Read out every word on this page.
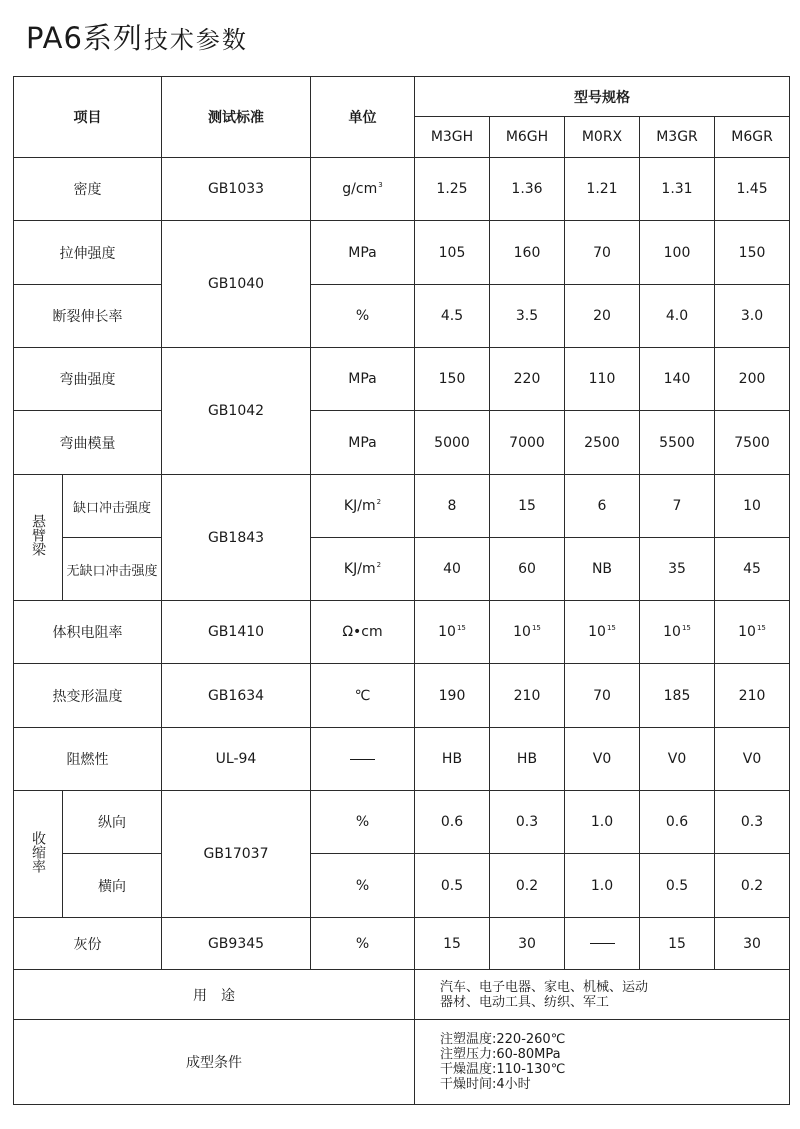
PA6系列 技术参数
项目		测试标准	单位	型号规格				
				M3GH	M6GH	M0RX	M3GR	M6GR
密度		GB1033	$g/cm^3$	1.25	1.36	1.21	1.31	1.45
拉伸强度		GB1040	MPa	105	160	70	100	150
断裂伸长率			%	4.5	3.5	20	4.0	3.0
弯曲强度		GB1042	MPa	150	220	110	140	200
弯曲模量			MPa	5000	7000	2500	5500	7500
悬臂梁	缺口冲击强度	GB1843	$KJ/m^2$	8	15	6	7	10
	无缺口冲击强度		$KJ/m^2$	40	60	NB	35	45
体积电阻率		GB1410	Ω•cm	$10^{15}$	$10^{15}$	$10^{15}$	$10^{15}$	$10^{15}$
热变形温度		GB1634	℃	190	210	70	185	210
阻燃性		UL-94		HB	HB	V0	V0	V0
收缩率	纵向	GB17037	%	0.6	0.3	1.0	0.6	0.3
	横向		%	0.5	0.2	1.0	0.5	0.2
灰份		GB9345	%	15	30		15	30
用　途				汽车、电子电器、家电、机械、运动
器材、电动工具、纺织、军工				

成型条件				注塑温度:220-260℃
注塑压力:60-80MPa
干燥温度:110-130℃
干燥时间:4小时				
